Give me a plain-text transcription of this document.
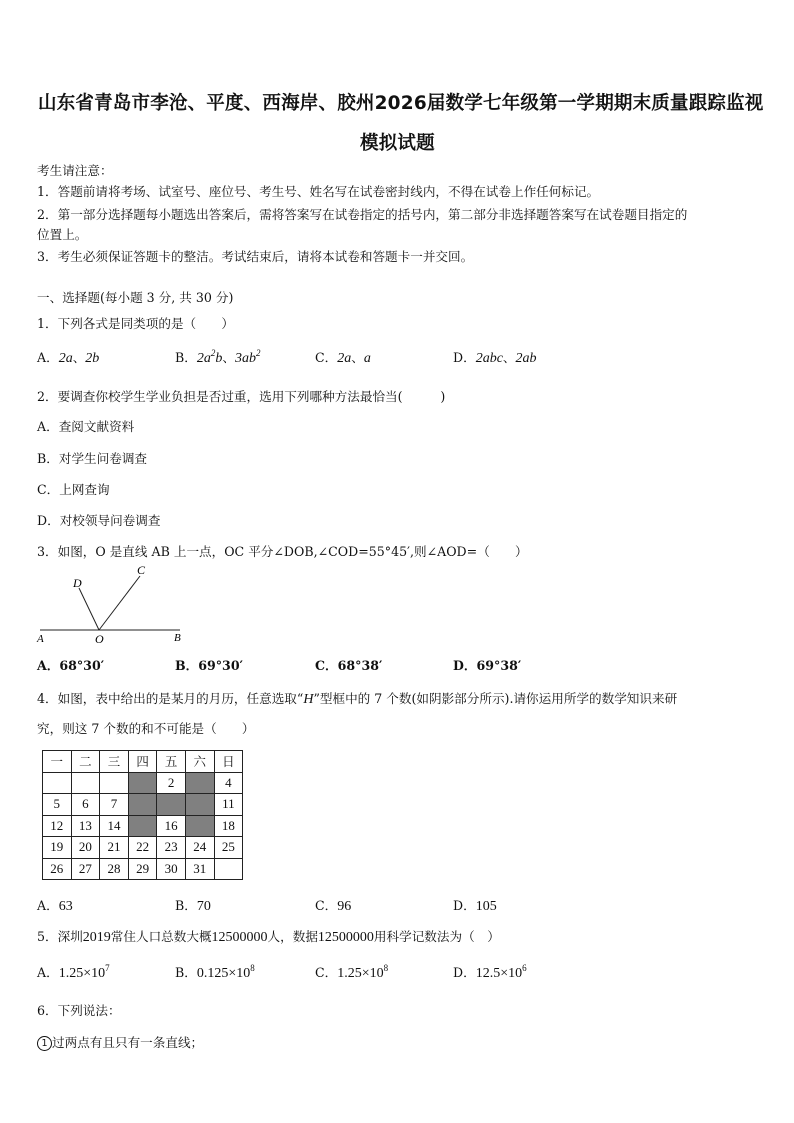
山东省青岛市李沧、平度、西海岸、胶州2026届数学七年级第一学期期末质量跟踪监视
模拟试题
考生请注意：
1．答题前请将考场、试室号、座位号、考生号、姓名写在试卷密封线内，不得在试卷上作任何标记。
2．第一部分选择题每小题选出答案后，需将答案写在试卷指定的括号内，第二部分非选择题答案写在试卷题目指定的
位置上。
3．考生必须保证答题卡的整洁。考试结束后，请将本试卷和答题卡一并交回。
一、选择题(每小题 3 分, 共 30 分)
1．下列各式是同类项的是（　　）
A．2a、2b	B．$2a^2b$、$3ab^2$	C．2a、a	D．2abc、2ab
2．要调查你校学生学业负担是否过重，选用下列哪种方法最恰当(　　　)
A．查阅文献资料
B．对学生问卷调查
C．上网查询
D．对校领导问卷调查
3．如图，O 是直线 AB 上一点，OC 平分∠DOB,∠COD=55°45′,则∠AOD=（　　）
D
C
A	O	B
A．68°30′	B．69°30′	C．68°38′	D．69°38′
4．如图，表中给出的是某月的月历，任意选取“H”型框中的 7 个数(如阴影部分所示).请你运用所学的数学知识来研
究，则这 7 个数的和不可能是（　　）
一	二	三	四	五	六	日
				2		4
5	6	7				11
12	13	14		16		18
19	20	21	22	23	24	25
26	27	28	29	30	31	
A．63	B．70	C．96	D．105
5．深圳2019常住人口总数大概12500000人，数据12500000用科学记数法为（　）
A．$1.25\times 10^7$	B．$0.125\times 10^8$	C．$1.25\times 10^8$	D．$12.5\times 10^6$
6．下列说法：
1 过两点有且只有一条直线；
